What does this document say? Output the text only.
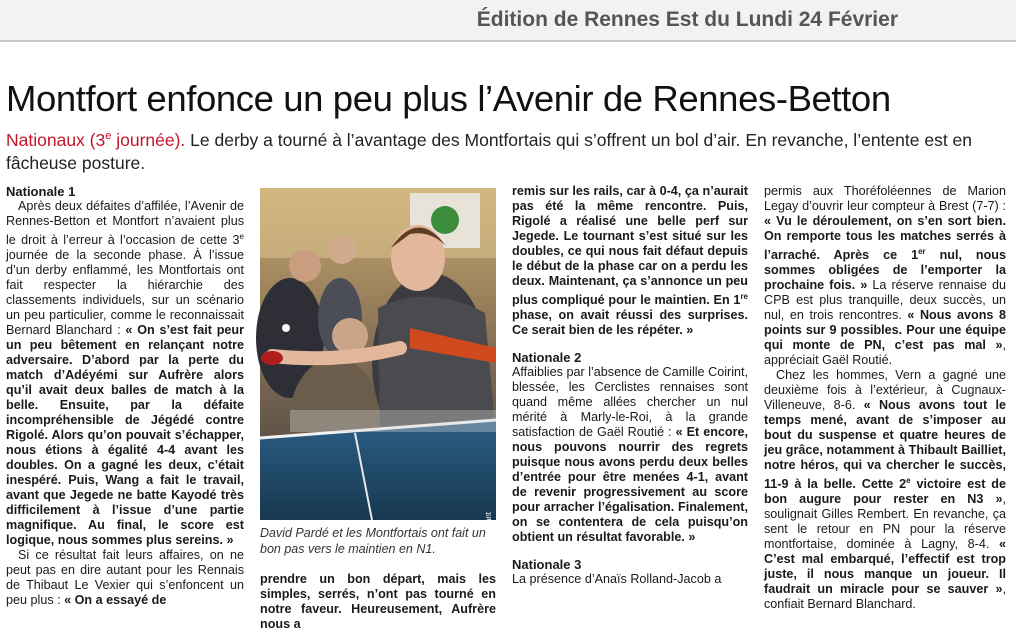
Édition de Rennes Est du Lundi 24 Février
Montfort enfonce un peu plus l’Avenir de Rennes-Betton
Nationaux (3e journée). Le derby a tourné à l’avantage des Montfortais qui s’offrent un bol d’air. En revanche, l’entente est en fâcheuse posture.
Nationale 1

Après deux défaites d’affilée, l’Avenir de Rennes-Betton et Montfort n’avaient plus le droit à l’erreur à l’occasion de cette 3e journée de la seconde phase. À l’issue d’un derby enflammé, les Montfortais ont fait respecter la hiérarchie des classements individuels, sur un scénario un peu particulier, comme le reconnaissait Bernard Blanchard : « On s’est fait peur un peu bêtement en relançant notre adversaire. D’abord par la perte du match d’Adéyémi sur Aufrère alors qu’il avait deux balles de match à la belle. Ensuite, par la défaite incompréhensible de Jégédé contre Rigolé. Alors qu’on pouvait s’échapper, nous étions à égalité 4-4 avant les doubles. On a gagné les deux, c’était inespéré. Puis, Wang a fait le travail, avant que Jegede ne batte Kayodé très difficilement à l’issue d’une partie magnifique. Au final, le score est logique, nous sommes plus sereins. »

Si ce résultat fait leurs affaires, on ne peut pas en dire autant pour les Rennais de Thibaut Le Vexier qui s’enfoncent un peu plus : « On a essayé de

Audrey Aussant
David Pardé et les Montfortais ont fait un bon pas vers le maintien en N1.

prendre un bon départ, mais les simples, serrés, n’ont pas tourné en notre faveur. Heureusement, Aufrère nous a

remis sur les rails, car à 0-4, ça n’aurait pas été la même rencontre. Puis, Rigolé a réalisé une belle perf sur Jegede. Le tournant s’est situé sur les doubles, ce qui nous fait défaut depuis le début de la phase car on a perdu les deux. Maintenant, ça s’annonce un peu plus compliqué pour le maintien. En 1re phase, on avait réussi des surprises. Ce serait bien de les répéter. »

Nationale 2

Affaiblies par l’absence de Camille Coirint, blessée, les Cerclistes rennaises sont quand même allées chercher un nul mérité à Marly-le-Roi, à la grande satisfaction de Gaël Routié : « Et encore, nous pouvons nourrir des regrets puisque nous avons perdu deux belles d’entrée pour être menées 4-1, avant de revenir progressivement au score pour arracher l’égalisation. Finalement, on se contentera de cela puisqu’on obtient un résultat favorable. »

Nationale 3

La présence d’Anaïs Rolland-Jacob a

permis aux Thoréfoléennes de Marion Legay d’ouvrir leur compteur à Brest (7-7) : « Vu le déroulement, on s’en sort bien. On remporte tous les matches serrés à l’arraché. Après ce 1er nul, nous sommes obligées de l’emporter la prochaine fois. » La réserve rennaise du CPB est plus tranquille, deux succès, un nul, en trois rencontres. « Nous avons 8 points sur 9 possibles. Pour une équipe qui monte de PN, c’est pas mal », appréciait Gaël Routié.

Chez les hommes, Vern a gagné une deuxième fois à l’extérieur, à Cugnaux-Villeneuve, 8-6. « Nous avons tout le temps mené, avant de s’imposer au bout du suspense et quatre heures de jeu grâce, notamment à Thibault Bailliet, notre héros, qui va chercher le succès, 11-9 à la belle. Cette 2e victoire est de bon augure pour rester en N3 », soulignait Gilles Rembert. En revanche, ça sent le retour en PN pour la réserve montfortaise, dominée à Lagny, 8-4. « C’est mal embarqué, l’effectif est trop juste, il nous manque un joueur. Il faudrait un miracle pour se sauver », confiait Bernard Blanchard.
